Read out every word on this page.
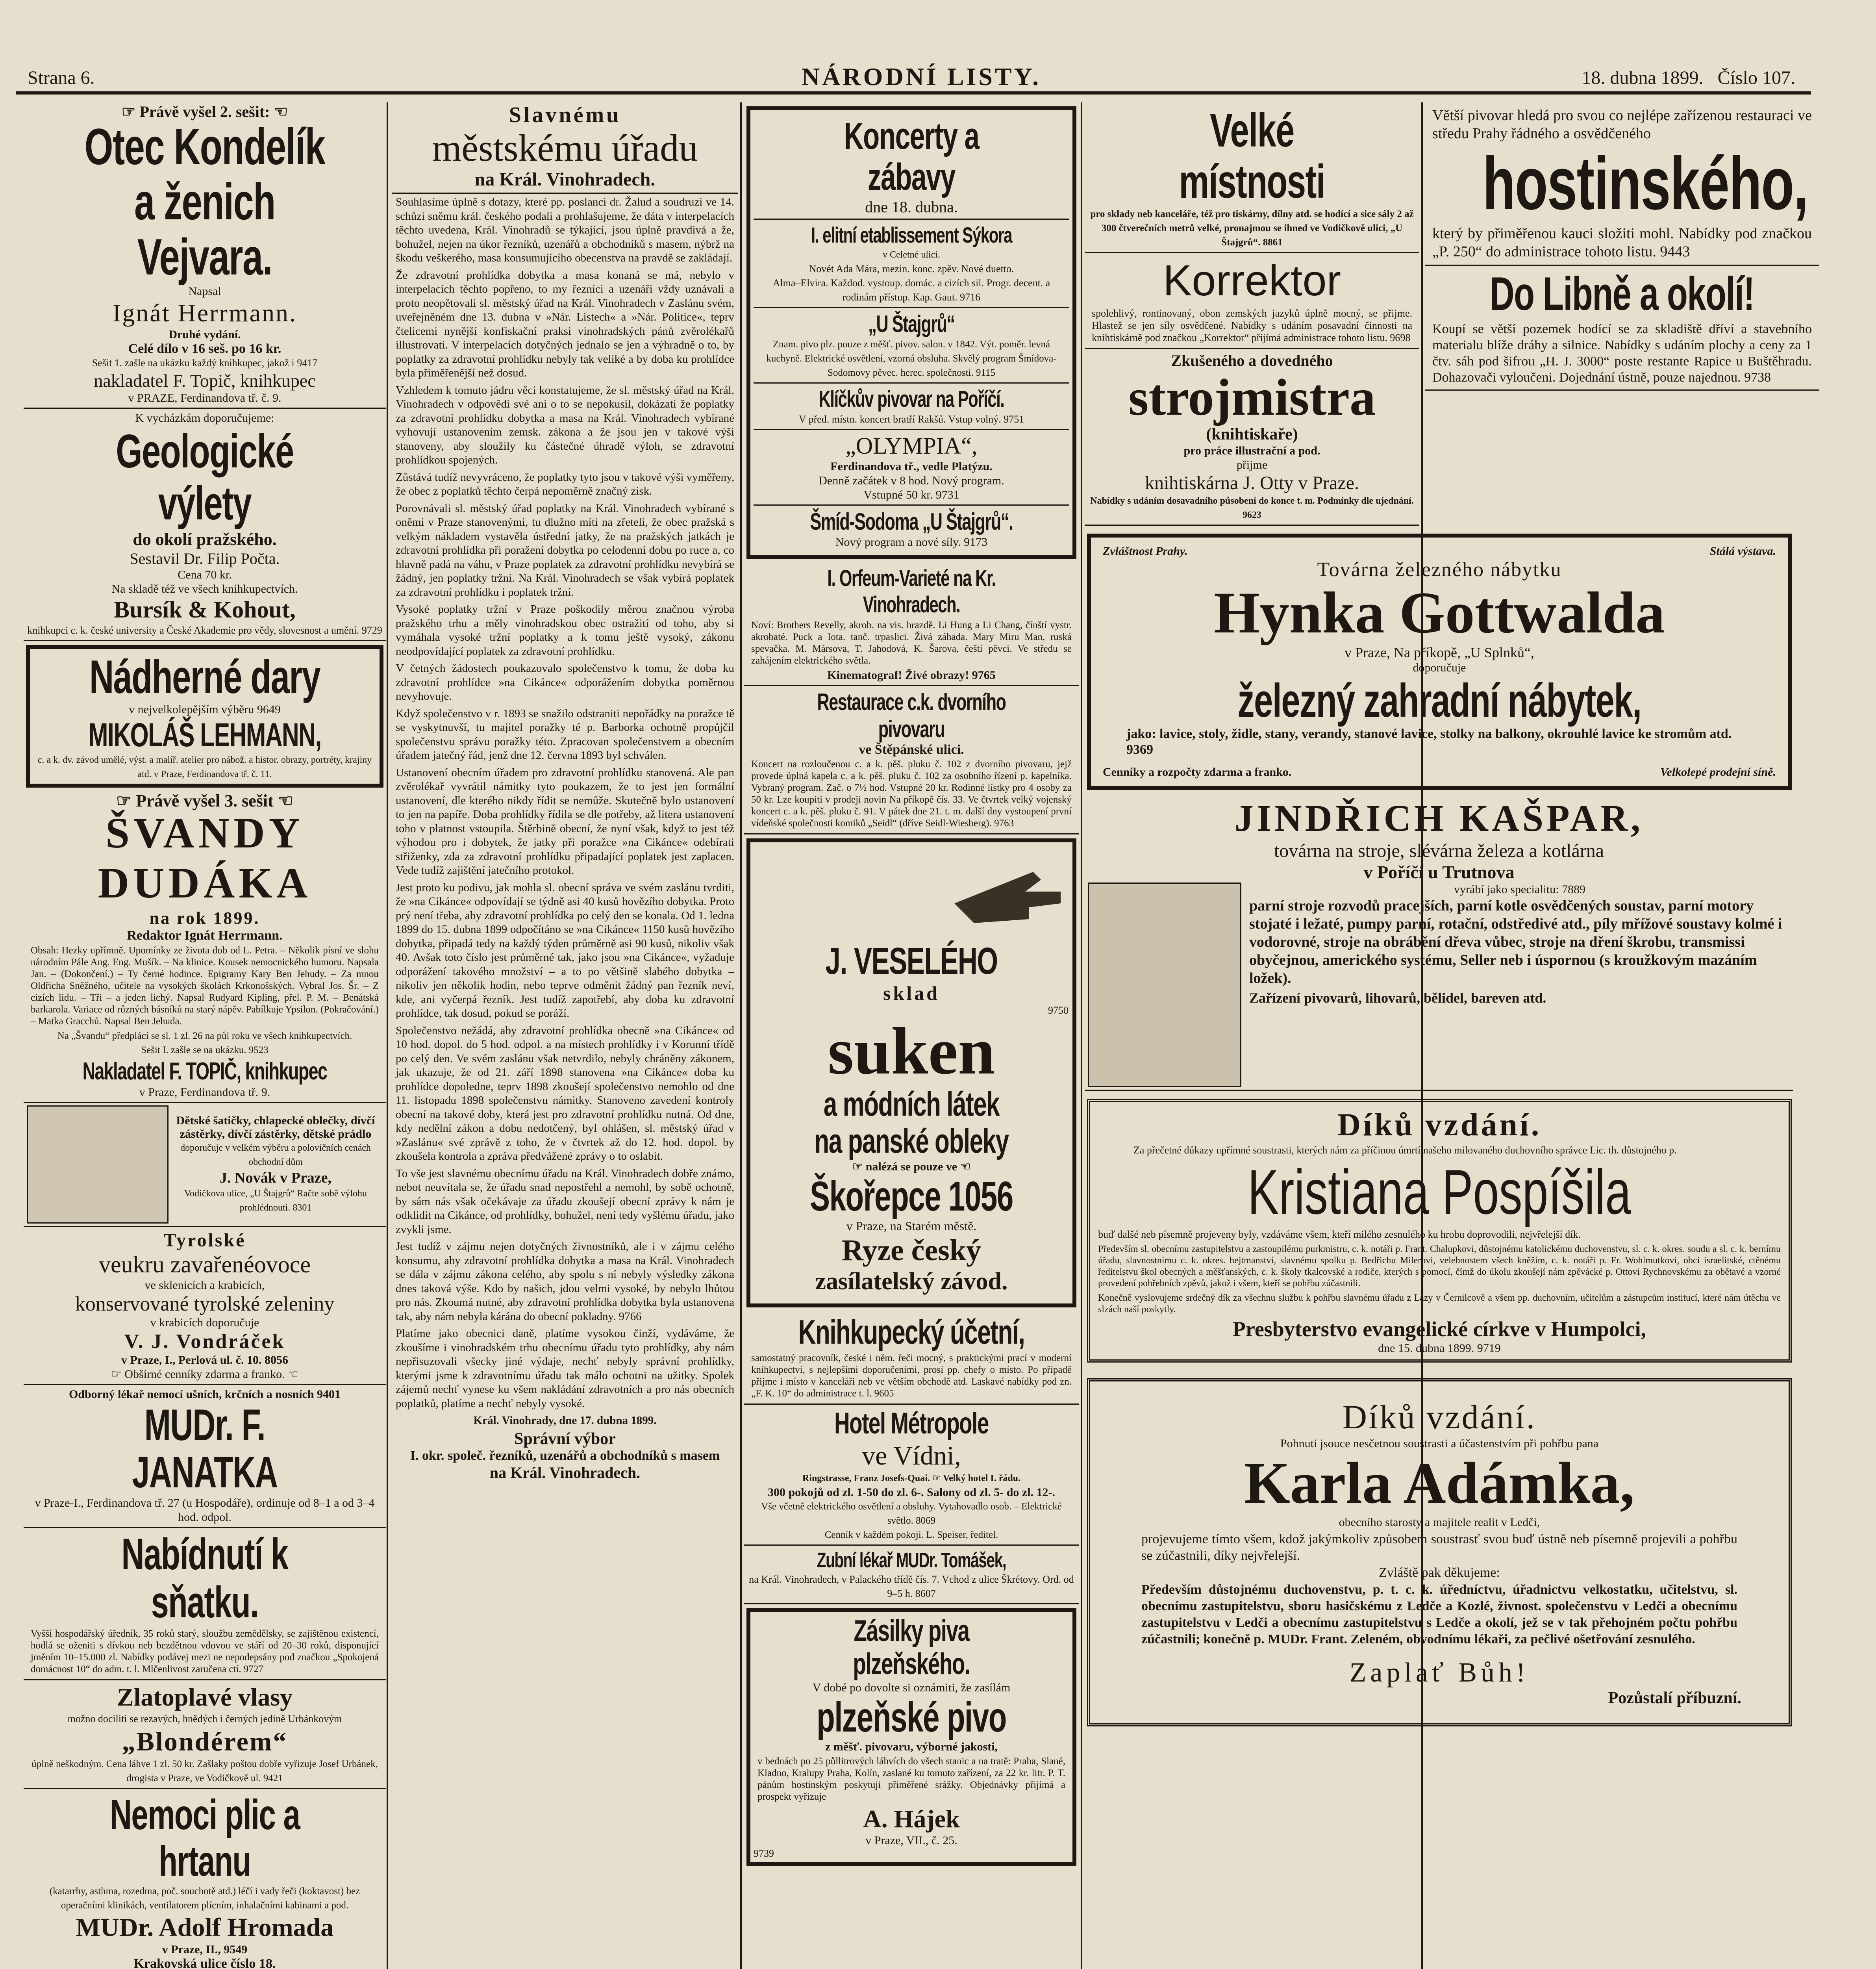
Strana 6.	NÁRODNÍ LISTY.	18. dubna 1899. Číslo 107.
☞ Právě vyšel 2. sešit: ☜
Otec Kondelík
a ženich Vejvara.
Napsal
Ignát Herrmann.
Druhé vydání.
Celé dílo v 16 seš. po 16 kr.
Sešit 1. zašle na ukázku každý knihkupec, jakož i 9417
nakladatel F. Topič, knihkupec
v PRAZE, Ferdinandova tř. č. 9.
K vycházkám doporučujeme:
Geologické výlety
do okolí pražského.
Sestavil Dr. Filip Počta.
Cena 70 kr.
Na skladě též ve všech knihkupectvích.
Bursík & Kohout,
knihkupci c. k. české university a České Akademie pro vědy, slovesnost a umění. 9729
Nádherné dary
v nejvelkolepějším výběru 9649
MIKOLÁŠ LEHMANN,
c. a k. dv. závod umělé, výst. a malíř. atelier pro nábož. a histor. obrazy, portréty, krajiny atd. v Praze, Ferdinandova tř. č. 11.
☞ Právě vyšel 3. sešit ☜
ŠVANDY
DUDÁKA
na rok 1899.
Redaktor Ignát Herrmann.
Obsah: Hezky upřímně. Upomínky ze života dob od L. Petra. – Několik písní ve slohu národním Pále Ang. Eng. Mušík. – Na klinice. Kousek nemocnického humoru. Napsala Jan. – (Dokončení.) – Ty černé hodince. Epigramy Kary Ben Jehudy. – Za mnou Oldřicha Sněžného, učitele na vysokých školách Krkonošských. Vybral Jos. Šr. – Z cizích lidu. – Tři – a jeden lichý. Napsal Rudyard Kipling, přel. P. M. – Benátská barkarola. Variace od různých básníků na starý nápěv. Pabílkuje Ypsilon. (Pokračování.) – Matka Gracchů. Napsal Ben Jehuda.
Na „Švandu“ předplácí se sl. 1 zl. 26 na půl roku ve všech knihkupectvích.
Sešit I. zašle se na ukázku. 9523
Nakladatel F. TOPIČ, knihkupec
v Praze, Ferdinandova tř. 9.
Dětské šatičky, chlapecké oblečky, dívčí zástěrky, dívčí zástěrky, dětské prádlo
doporučuje v velkém výběru a polovičních cenách obchodní dům
J. Novák v Praze,
Vodičkova ulice, „U Štajgrů“ Račte sobě výlohu prohlédnouti. 8301
Tyrolské
veukru zavařenéovoce
ve sklenicích a krabicích,
konservované tyrolské zeleniny
v krabicích doporučuje
V. J. Vondráček
v Praze, I., Perlová ul. č. 10. 8056
☞ Obšírné cenníky zdarma a franko. ☜
Odborný lékař nemocí ušních, krčních a nosních 9401
MUDr. F. JANATKA
v Praze-I., Ferdinandova tř. 27 (u Hospodáře), ordinuje od 8–1 a od 3–4 hod. odpol.
Nabídnutí k sňatku.
Vyšší hospodářský úředník, 35 roků starý, sloužbu zemědělsky, se zajištěnou existencí, hodlá se oženiti s dívkou neb bezdětnou vdovou ve stáří od 20–30 roků, disponující jměním 10–15.000 zl. Nabídky podávej mezi ne nepodepsány pod značkou „Spokojená domácnost 10“ do adm. t. l. Mlčenlivost zaručena ctí. 9727
Zlatoplavé vlasy
možno dociliti se rezavých, hnědých i černých jedině Urbánkovým
„Blondérem“
úplně neškodným. Cena láhve 1 zl. 50 kr. Zašlaky poštou dobře vyřizuje Josef Urbánek, drogista v Praze, ve Vodičkově ul. 9421
Nemoci plic a hrtanu
(katarrhy, asthma, rozedma, poč. souchotě atd.) léčí i vady řeči (koktavost) bez operačními klinikách, ventilatorem plícním, inhalačními kabinami a pod.
MUDr. Adolf Hromada
v Praze, II., 9549
Krakovská ulice číslo 18.
Slavnému
městskému úřadu
na Král. Vinohradech.
Souhlasíme úplně s dotazy, které pp. poslanci dr. Žalud a soudruzi ve 14. schůzi sněmu král. českého podali a prohlašujeme, že dáta v interpelacích těchto uvedena, Král. Vinohradů se týkající, jsou úplně pravdivá a že, bohužel, nejen na úkor řezníků, uzenářů a obchodníků s masem, nýbrž na škodu veškerého, masa konsumujícího obecenstva na pravdě se zakládají.
Že zdravotní prohlídka dobytka a masa konaná se má, nebylo v interpelacích těchto popřeno, to my řezníci a uzenáři vždy uznávali a proto neopětovali sl. městský úřad na Král. Vinohradech v Zaslánu svém, uveřejněném dne 13. dubna v »Nár. Listech« a »Nár. Politice«, teprv čtelicemi nynější konfiskační praksi vinohradských pánů zvěrolékařů illustrovati. V interpelacích dotyčných jednalo se jen a výhradně o to, by poplatky za zdravotní prohlídku nebyly tak veliké a by doba ku prohlídce byla přiměřenější než dosud.
Vzhledem k tomuto jádru věci konstatujeme, že sl. městský úřad na Král. Vinohradech v odpovědi své ani o to se nepokusil, dokázati že poplatky za zdravotní prohlídku dobytka a masa na Král. Vinohradech vybírané vyhovují ustanovením zemsk. zákona a že jsou jen v takové výši stanoveny, aby sloužily ku částečné úhradě výloh, se zdravotní prohlídkou spojených.
Zůstává tudíž nevyvráceno, že poplatky tyto jsou v takové výši vyměřeny, že obec z poplatků těchto čerpá nepoměrně značný zisk.
Porovnávali sl. městský úřad poplatky na Král. Vinohradech vybírané s oněmi v Praze stanovenými, tu dlužno míti na zřeteli, že obec pražská s velkým nákladem vystavěla ústřední jatky, že na pražských jatkách je zdravotní prohlídka při poražení dobytka po celodenní dobu po ruce a, co hlavně padá na váhu, v Praze poplatek za zdravotní prohlídku nevybírá se žádný, jen poplatky tržní. Na Král. Vinohradech se však vybírá poplatek za zdravotní prohlídku i poplatek tržní.
Vysoké poplatky tržní v Praze poškodily měrou značnou výroba pražského trhu a měly vinohradskou obec ostražití od toho, aby si vymáhala vysoké tržní poplatky a k tomu ještě vysoký, zákonu neodpovídající poplatek za zdravotní prohlídku.
V četných žádostech poukazovalo společenstvo k tomu, že doba ku zdravotní prohlídce »na Cikánce« odporážením dobytka poměrnou nevyhovuje.
Když společenstvo v r. 1893 se snažilo odstraniti nepořádky na poražce tě se vyskytnuvší, tu majitel poražky té p. Barborka ochotně propůjčil společenstvu správu poražky této. Zpracovan společenstvem a obecním úřadem jatečný řád, jenž dne 12. června 1893 byl schválen.
Ustanovení obecním úřadem pro zdravotní prohlídku stanovená. Ale pan zvěrolékař vyvrátil námitky tyto poukazem, že to jest jen formální ustanovení, dle kterého nikdy řídit se nemůže. Skutečně bylo ustanovení to jen na papíře. Doba prohlídky řídila se dle potřeby, až litera ustanovení toho v platnost vstoupila. Štěrbině obecní, že nyní však, když to jest též výhodou pro i dobytek, že jatky při poražce »na Cikánce« odebírati střiženky, zda za zdravotní prohlídku připadající poplatek jest zaplacen. Vede tudíž zajištění jatečního protokol.
Jest proto ku podivu, jak mohla sl. obecní správa ve svém zaslánu tvrditi, že »na Cikánce« odpovídají se týdně asi 40 kusů hovězího dobytka. Proto prý není třeba, aby zdravotní prohlídka po celý den se konala. Od 1. ledna 1899 do 15. dubna 1899 odpočítáno se »na Cikánce« 1150 kusů hovězího dobytka, připadá tedy na každý týden průměrně asi 90 kusů, nikoliv však 40. Avšak toto číslo jest průměrné tak, jako jsou »na Cikánce«, vyžaduje odporážení takového množství – a to po většině slabého dobytka – nikoliv jen několik hodin, nebo teprve odměnit žádný pan řezník neví, kde, ani vyčerpá řezník. Jest tudíž zapotřebí, aby doba ku zdravotní prohlídce, tak dosud, pokud se poráží.
Společenstvo nežádá, aby zdravotní prohlídka obecně »na Cikánce« od 10 hod. dopol. do 5 hod. odpol. a na místech prohlídky i v Korunní třídě po celý den. Ve svém zaslánu však netvrdilo, nebyly chráněny zákonem, jak ukazuje, že od 21. září 1898 stanovena »na Cikánce« doba ku prohlídce dopoledne, teprv 1898 zkoušejí společenstvo nemohlo od dne 11. listopadu 1898 společenstvu námitky. Stanoveno zavedení kontroly obecní na takové doby, která jest pro zdravotní prohlídku nutná. Od dne, kdy nedělní zákon a dobu nedotčený, byl ohlášen, sl. městský úřad v »Zaslánu« své zprávě z toho, že v čtvrtek až do 12. hod. dopol. by zkoušela kontrola a zpráva předvážené zprávy o to oslabit.
To vše jest slavnému obecnímu úřadu na Král. Vinohradech dobře známo, nebot neuvítala se, že úřadu snad nepostřehl a nemohl, by sobě ochotně, by sám nás však očekávaje za úřadu zkoušejí obecní zprávy k nám je odklidit na Cikánce, od prohlídky, bohužel, není tedy vyšlému úřadu, jako zvykli jsme.
Jest tudíž v zájmu nejen dotyčných živnostníků, ale i v zájmu celého konsumu, aby zdravotní prohlídka dobytka a masa na Král. Vinohradech se dála v zájmu zákona celého, aby spolu s ní nebyly výsledky zákona dnes taková výše. Kdo by našich, jdou velmi vysoké, by nebylo lhůtou pro nás. Zkoumá nutné, aby zdravotní prohlídka dobytka byla ustanovena tak, aby nám nebyla kárána do obecní pokladny. 9766
Platíme jako obecnici daně, platíme vysokou činží, vydáváme, že zkoušíme i vinohradském trhu obecnímu úřadu tyto prohlídky, aby nám nepřisuzovali všecky jiné výdaje, nechť nebyly správní prohlídky, kterými jsme k zdravotnímu úřadu tak málo ochotni na užitky. Spolek zájemů nechť vynese ku všem nakládání zdravotních a pro nás obecních poplatků, platíme a nechť nebyly vysoké.
Král. Vinohrady, dne 17. dubna 1899.
Správní výbor
I. okr. společ. řezníků, uzenářů a obchodníků s masem
na Král. Vinohradech.
Koncerty a zábavy
dne 18. dubna.
I. elitní etablissement Sýkora
v Celetné ulici.
Novét Ada Mára, mezin. konc. zpěv. Nové duetto.
Alma–Elvira. Každod. vystoup. domác. a cizích sil. Progr. decent. a rodinám přístup. Kap. Gaut. 9716
„U Štajgrů“
Znam. pivo plz. pouze z měšť. pivov. salon. v 1842. Výt. poměr. levná kuchyně. Elektrické osvětlení, vzorná obsluha. Skvělý program Šmídova-Sodomovy pěvec. herec. společnosti. 9115
Klíčkův pivovar na Poříčí.
V před. místn. koncert bratří Rakšů. Vstup volný. 9751
„OLYMPIA“,
Ferdinandova tř., vedle Platýzu.
Denně začátek v 8 hod. Nový program.
Vstupné 50 kr. 9731
Šmíd-Sodoma „U Štajgrů“.
Nový program a nové síly. 9173
I. Orfeum-Varieté na Kr. Vinohradech.
Noví: Brothers Revelly, akrob. na vis. hrazdě. Li Hung a Li Chang, čínští vystr. akrobaté. Puck a Iota. tanč. trpaslici. Živá záhada. Mary Miru Man, ruská spevačka. M. Mársova, T. Jahodová, K. Šarova, čeští pěvci. Ve středu se zahájením elektrického světla.
Kinematograf! Živé obrazy! 9765
Restaurace c.k. dvorního pivovaru
ve Štěpánské ulici.
Koncert na rozloučenou c. a k. pěš. pluku č. 102 z dvorního pivovaru, jejž provede úplná kapela c. a k. pěš. pluku č. 102 za osobního řízení p. kapelníka. Vybraný program. Zač. o 7½ hod. Vstupné 20 kr. Rodinné lístky pro 4 osoby za 50 kr. Lze koupiti v prodeji novin Na příkopě čís. 33. Ve čtvrtek velký vojenský koncert c. a k. pěš. pluku č. 91. V pátek dne 21. t. m. další dny vystoupení první vídeňské společnosti komiků „Seidl“ (dříve Seidl-Wiesberg). 9763
J. VESELÉHO
sklad
9750
suken
a módních látek
na panské obleky
☞ nalézá se pouze ve ☜
Škořepce 1056
v Praze, na Starém městě.
Ryze český
zasílatelský závod.
Knihkupecký účetní,
samostatný pracovník, české i něm. řeči mocný, s praktickými prací v moderní knihkupectví, s nejlepšími doporučeními, prosí pp. chefy o místo. Po případě přijme i místo v kanceláři neb ve větším obchodě atd. Laskavé nabídky pod zn. „F. K. 10“ do administrace t. l. 9605
Hotel Métropole
ve Vídni,
Ringstrasse, Franz Josefs-Quai. ☞ Velký hotel I. řádu.
300 pokojů od zl. 1-50 do zl. 6-. Salony od zl. 5- do zl. 12-.
Vše včetně elektrického osvětlení a obsluhy. Vytahovadlo osob. – Elektrické světlo. 8069
Cenník v každém pokoji. L. Speiser, ředitel.
Zubní lékař MUDr. Tomášek,
na Král. Vinohradech, v Palackého třídě čís. 7. Vchod z ulice Škrétovy. Ord. od 9–5 h. 8607
Zásilky piva plzeňského.
V dobé po dovolte si oznámiti, že zasílám
plzeňské pivo
z měšť. pivovaru, výborné jakosti,
v bednách po 25 půllitrových láhvích do všech stanic a na tratě: Praha, Slané, Kladno, Kralupy Praha, Kolín, zaslané ku tomuto zařízení, za 22 kr. litr. P. T. pánům hostinským poskytuji přiměřené srážky. Objednávky přijímá a prospekt vyřizuje
A. Hájek
v Praze, VII., č. 25.
9739
Velké místnosti
pro sklady neb kanceláře, též pro tiskárny, dílny atd. se hodící a sice sály 2 až 300 čtverečních metrů velké, pronajmou se ihned ve Vodičkově ulici, „U Štajgrů“. 8861
Korrektor
spolehlivý, rontinovaný, obon zemských jazyků úplně mocný, se přijme. Hlastež se jen síly osvědčené. Nabídky s udáním posavadní činnosti na knihtiskárně pod značkou „Korrektor“ přijímá administrace tohoto listu. 9698
Zkušeného a dovedného
strojmistra
(knihtiskaře)
pro práce illustrační a pod.
přijme
knihtiskárna J. Otty v Praze.
Nabídky s udáním dosavadního působení do konce t. m. Podmínky dle ujednání. 9623
Zvláštnost Prahy.	Stálá výstava.
Továrna železného nábytku
Hynka Gottwalda
v Praze, Na příkopě, „U Splnků“,
doporučuje
železný zahradní nábytek,
jako: lavice, stoly, židle, stany, verandy, stanové lavice, stolky na balkony, okrouhlé lavice ke stromům atd. 9369
Cenníky a rozpočty zdarma a franko.	Velkolepé prodejní síně.
JINDŘICH KAŠPAR,
továrna na stroje, slévárna železa a kotlárna
v Poříčí u Trutnova
vyrábí jako specialitu: 7889
parní stroje rozvodů pracejších, parní kotle osvědčených soustav, parní motory stojaté i ležaté, pumpy parní, rotační, odstředivé atd., píly mřížové soustavy kolmé i vodorovné, stroje na obrábění dřeva vůbec, stroje na dření škrobu, transmissi obyčejnou, amerického systému, Seller neb i úspornou (s kroužkovým mazáním ložek).
Zařízení pivovarů, lihovarů, bělidel, bareven atd.
Díků vzdání.
Za přečetné důkazy upřímné soustrasti, kterých nám za příčinou úmrtí našeho milovaného duchovního správce Lic. th. důstojného p.
Kristiana Pospíšila
buď dalšé neb písemně projeveny byly, vzdáváme všem, kteří milého zesnulého ku hrobu doprovodili, nejvřelejší dík.
Především sl. obecnímu zastupitelstvu a zastoupilému purkmistru, c. k. notáři p. Frant. Chalupkovi, důstojnému katolickému duchovenstvu, sl. c. k. okres. soudu a sl. c. k. bernímu úřadu, slavnostnímu c. k. okres. hejtmanství, slavnému spolku p. Bedřichu Milerovi, velebnostem všech kněžím, c. k. notáři p. Fr. Wohlmutkovi, obci israelitské, ctěnému ředitelstvu škol obecných a měšťanských, c. k. školy tkalcovské a rodiče, kterých s pomocí, čímž do úkolu zkoušejí nám zpěvácké p. Ottovi Rychnovskému za obětavé a vzorné provedení pohřebních zpěvů, jakož i všem, kteří se pohřbu zúčastnili.
Konečně vyslovujeme srdečný dík za všechnu službu k pohřbu slavnému úřadu z Lázy v Černilcově a všem pp. duchovním, učitelům a zástupcům institucí, které nám útěchu ve slzách naší poskytly.
Presbyterstvo evangelické církve v Humpolci,
dne 15. dubna 1899. 9719
Díků vzdání.
Pohnuti jsouce nesčetnou soustrasti a účastenstvím při pohřbu pana
Karla Adámka,
obecního starosty a majitele realit v Ledči,
projevujeme tímto všem, kdož jakýmkoliv způsobem soustrasť svou buď ústně neb písemně projevili a pohřbu se zúčastnili, díky nejvřelejší.
Zvláště pak děkujeme:
Především důstojnému duchovenstvu, p. t. c. k. úředníctvu, úřadnictvu velkostatku, učitelstvu, sl. obecnímu zastupitelstvu, sboru hasičskému z Ledče a Kozlé, živnost. společenstvu v Ledči a obecnímu zastupitelstvu v Ledči a obecnímu zastupitelstvu s Ledče a okolí, jež se v tak přehojném počtu pohřbu zúčastnili; konečně p. MUDr. Frant. Zeleném, obvodnímu lékaři, za pečlivé ošetřování zesnulého.
Zaplať Bůh!
Pozůstalí příbuzní.
Větší pivovar hledá pro svou co nejlépe zařízenou restauraci ve středu Prahy řádného a osvědčeného
hostinského,
který by přiměřenou kauci složiti mohl. Nabídky pod značkou „P. 250“ do administrace tohoto listu. 9443
Do Libně a okolí!
Koupí se větší pozemek hodící se za skladiště dříví a stavebního materialu blíže dráhy a silnice. Nabídky s udáním plochy a ceny za 1 čtv. sáh pod šifrou „H. J. 3000“ poste restante Rapice u Buštěhradu. Dohazovači vyloučeni. Dojednání ústně, pouze najednou. 9738
